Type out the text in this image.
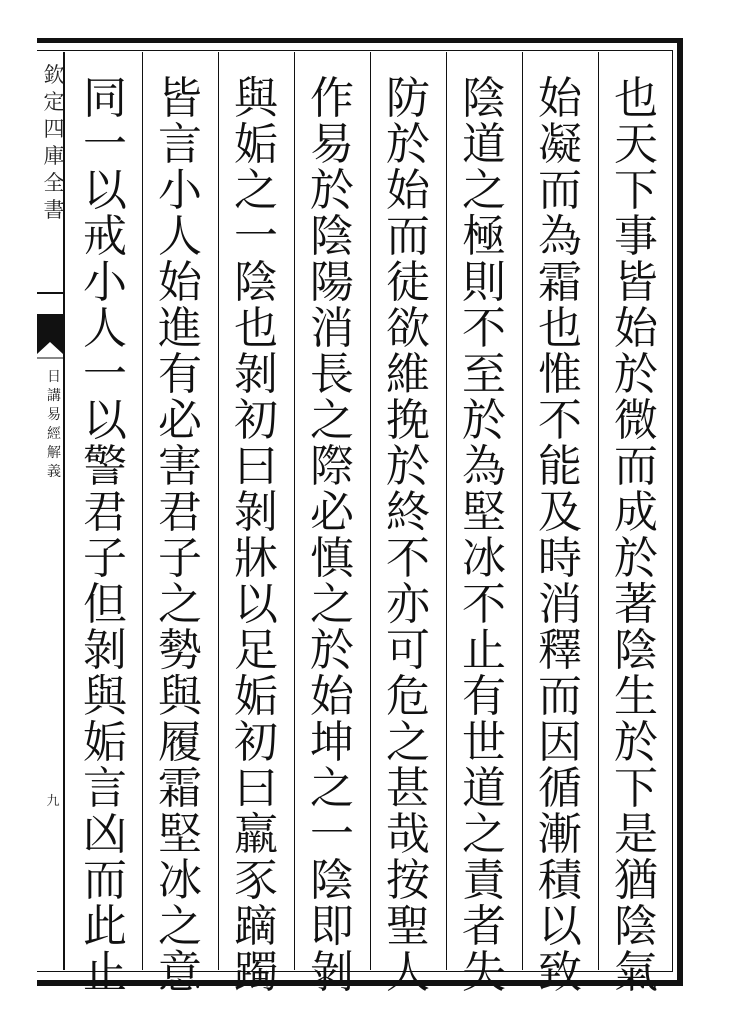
欽定四庫全書
日講易經解義
九
也天下事皆始於微而成於著陰生於下是猶陰氣
始凝而為霜也惟不能及時消釋而因循漸積以致
陰道之極則不至於為堅冰不止有世道之責者失
防於始而徒欲維挽於終不亦可危之甚哉按聖人
作易於陰陽消長之際必慎之於始坤之一陰即剝
與姤之一陰也剝初曰剝牀以足姤初曰羸豕蹢躅
皆言小人始進有必害君子之勢與履霜堅冰之意
同一以戒小人一以警君子但剝與姤言凶而此止
